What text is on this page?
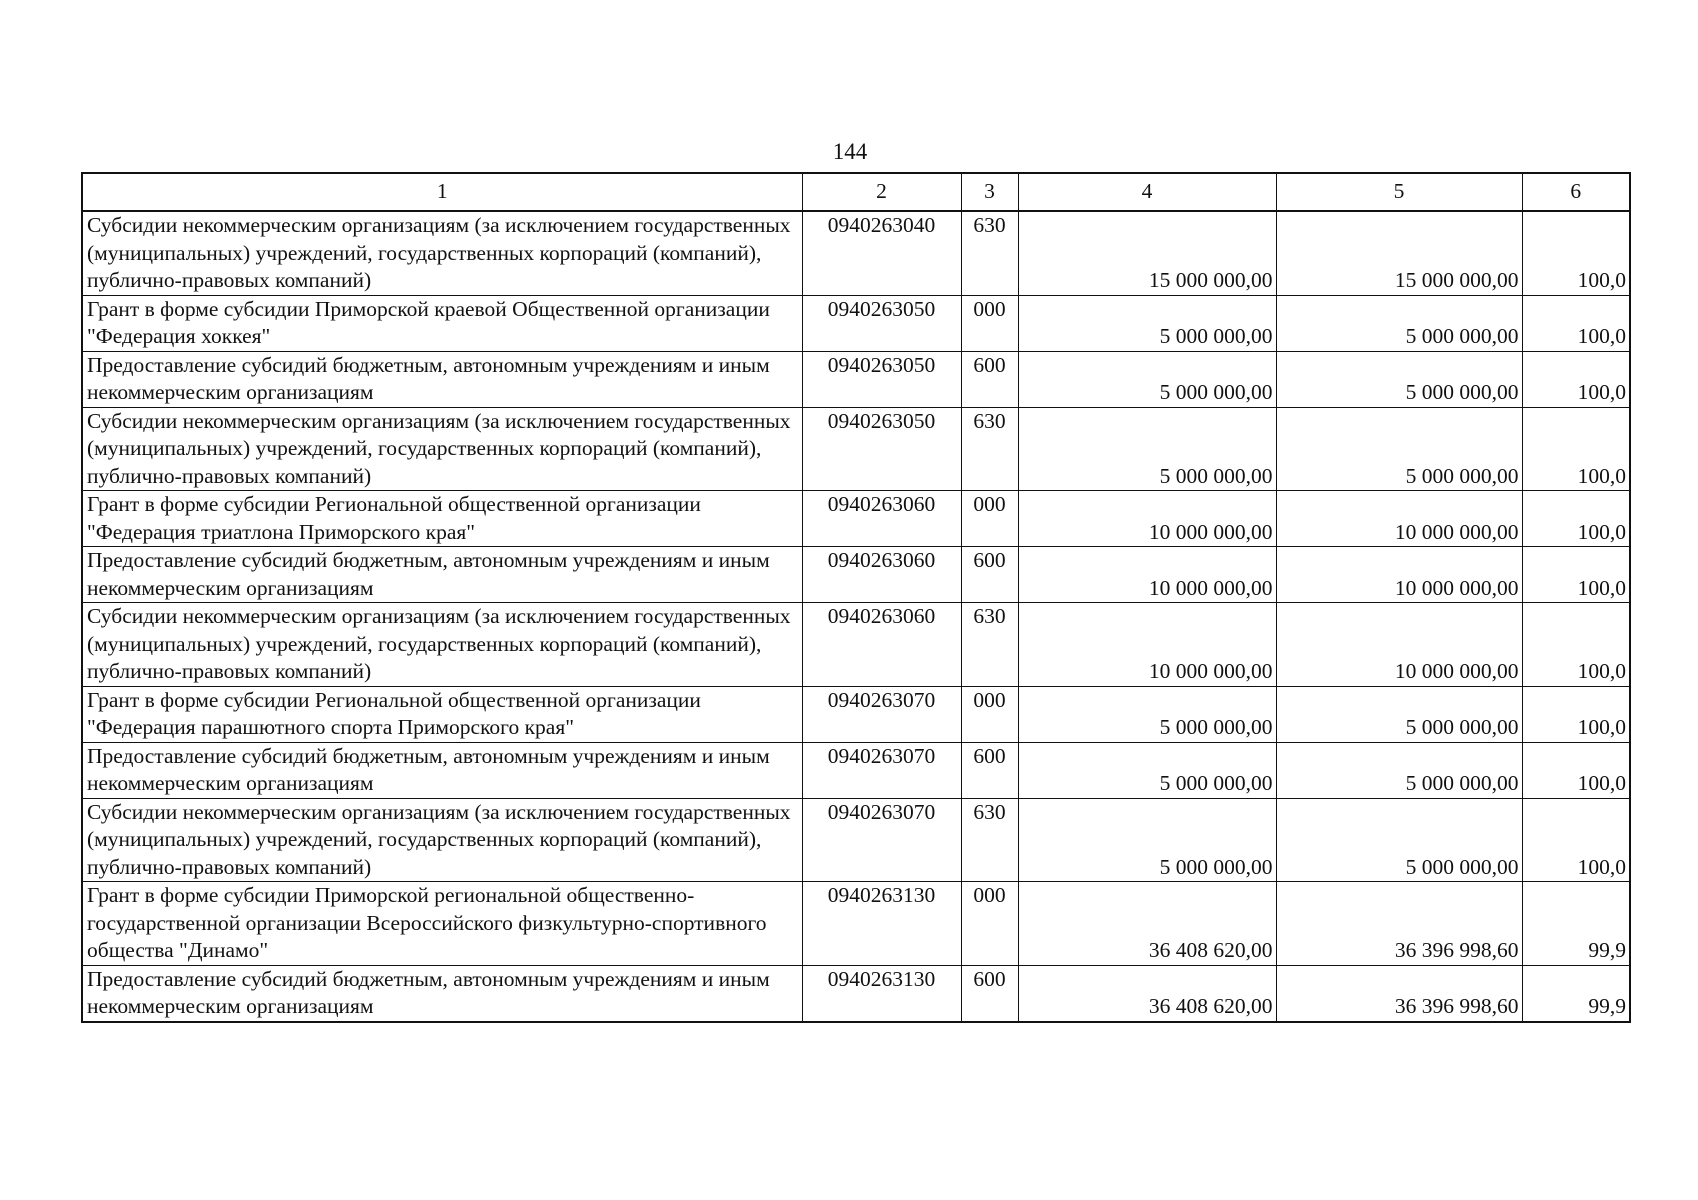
144
1	2	3	4	5	6
Субсидии некоммерческим организациям (за исключением государственных (муниципальных) учреждений, государственных корпораций (компаний), публично-правовых компаний)	0940263040	630	15 000 000,00	15 000 000,00	100,0
Грант в форме субсидии Приморской краевой Общественной организации "Федерация хоккея"	0940263050	000	5 000 000,00	5 000 000,00	100,0
Предоставление субсидий бюджетным, автономным учреждениям и иным некоммерческим организациям	0940263050	600	5 000 000,00	5 000 000,00	100,0
Субсидии некоммерческим организациям (за исключением государственных (муниципальных) учреждений, государственных корпораций (компаний), публично-правовых компаний)	0940263050	630	5 000 000,00	5 000 000,00	100,0
Грант в форме субсидии Региональной общественной организации "Федерация триатлона Приморского края"	0940263060	000	10 000 000,00	10 000 000,00	100,0
Предоставление субсидий бюджетным, автономным учреждениям и иным некоммерческим организациям	0940263060	600	10 000 000,00	10 000 000,00	100,0
Субсидии некоммерческим организациям (за исключением государственных (муниципальных) учреждений, государственных корпораций (компаний), публично-правовых компаний)	0940263060	630	10 000 000,00	10 000 000,00	100,0
Грант в форме субсидии Региональной общественной организации "Федерация парашютного спорта Приморского края"	0940263070	000	5 000 000,00	5 000 000,00	100,0
Предоставление субсидий бюджетным, автономным учреждениям и иным некоммерческим организациям	0940263070	600	5 000 000,00	5 000 000,00	100,0
Субсидии некоммерческим организациям (за исключением государственных (муниципальных) учреждений, государственных корпораций (компаний), публично-правовых компаний)	0940263070	630	5 000 000,00	5 000 000,00	100,0
Грант в форме субсидии Приморской региональной общественно-государственной организации Всероссийского физкультурно-спортивного общества "Динамо"	0940263130	000	36 408 620,00	36 396 998,60	99,9
Предоставление субсидий бюджетным, автономным учреждениям и иным некоммерческим организациям	0940263130	600	36 408 620,00	36 396 998,60	99,9
